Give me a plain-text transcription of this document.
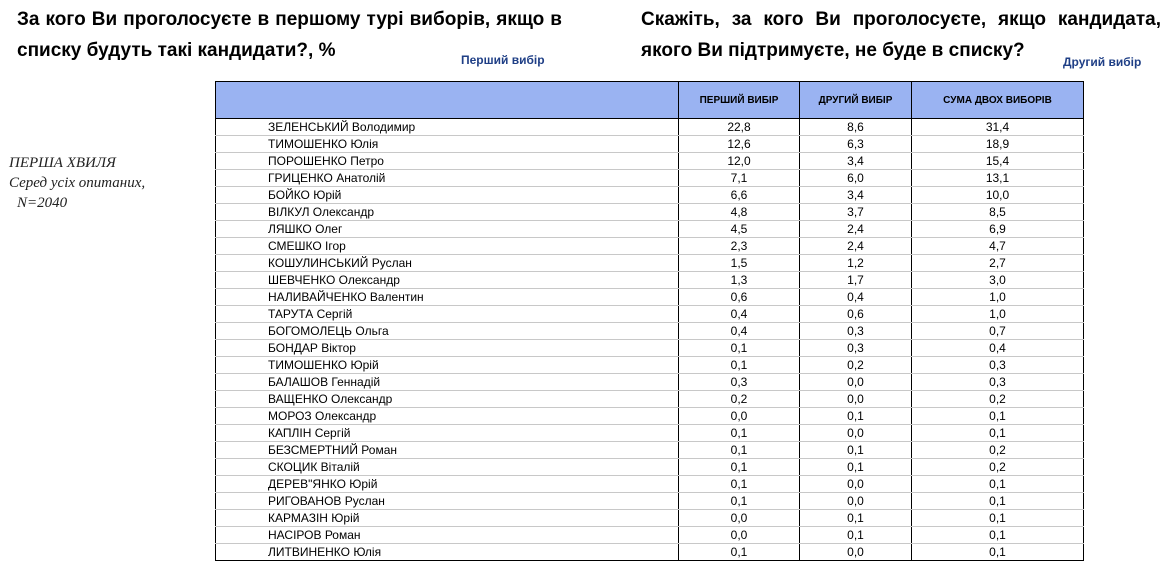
За кого Ви проголосуєте в першому турі виборів, якщо в списку будуть такі кандидати?, %
Скажіть, за кого Ви проголосуєте, якщо кандидата, якого Ви підтримуєте, не буде в списку?
Перший вибір	Другий вибір
ПЕРША ХВИЛЯ
Серед усіх опитаних,
N=2040
	ПЕРШИЙ ВИБІР	ДРУГИЙ ВИБІР	СУМА ДВОХ ВИБОРІВ
ЗЕЛЕНСЬКИЙ Володимир	22,8	8,6	31,4
ТИМОШЕНКО Юлія	12,6	6,3	18,9
ПОРОШЕНКО Петро	12,0	3,4	15,4
ГРИЦЕНКО Анатолій	7,1	6,0	13,1
БОЙКО Юрій	6,6	3,4	10,0
ВІЛКУЛ Олександр	4,8	3,7	8,5
ЛЯШКО Олег	4,5	2,4	6,9
СМЕШКО Ігор	2,3	2,4	4,7
КОШУЛИНСЬКИЙ Руслан	1,5	1,2	2,7
ШЕВЧЕНКО Олександр	1,3	1,7	3,0
НАЛИВАЙЧЕНКО Валентин	0,6	0,4	1,0
ТАРУТА Сергій	0,4	0,6	1,0
БОГОМОЛЕЦЬ Ольга	0,4	0,3	0,7
БОНДАР Віктор	0,1	0,3	0,4
ТИМОШЕНКО Юрій	0,1	0,2	0,3
БАЛАШОВ Геннадій	0,3	0,0	0,3
ВАЩЕНКО Олександр	0,2	0,0	0,2
МОРОЗ Олександр	0,0	0,1	0,1
КАПЛІН Сергій	0,1	0,0	0,1
БЕЗСМЕРТНИЙ Роман	0,1	0,1	0,2
СКОЦИК Віталій	0,1	0,1	0,2
ДЕРЕВ"ЯНКО Юрій	0,1	0,0	0,1
РИГОВАНОВ Руслан	0,1	0,0	0,1
КАРМАЗІН Юрій	0,0	0,1	0,1
НАСІРОВ Роман	0,0	0,1	0,1
ЛИТВИНЕНКО Юлія	0,1	0,0	0,1
